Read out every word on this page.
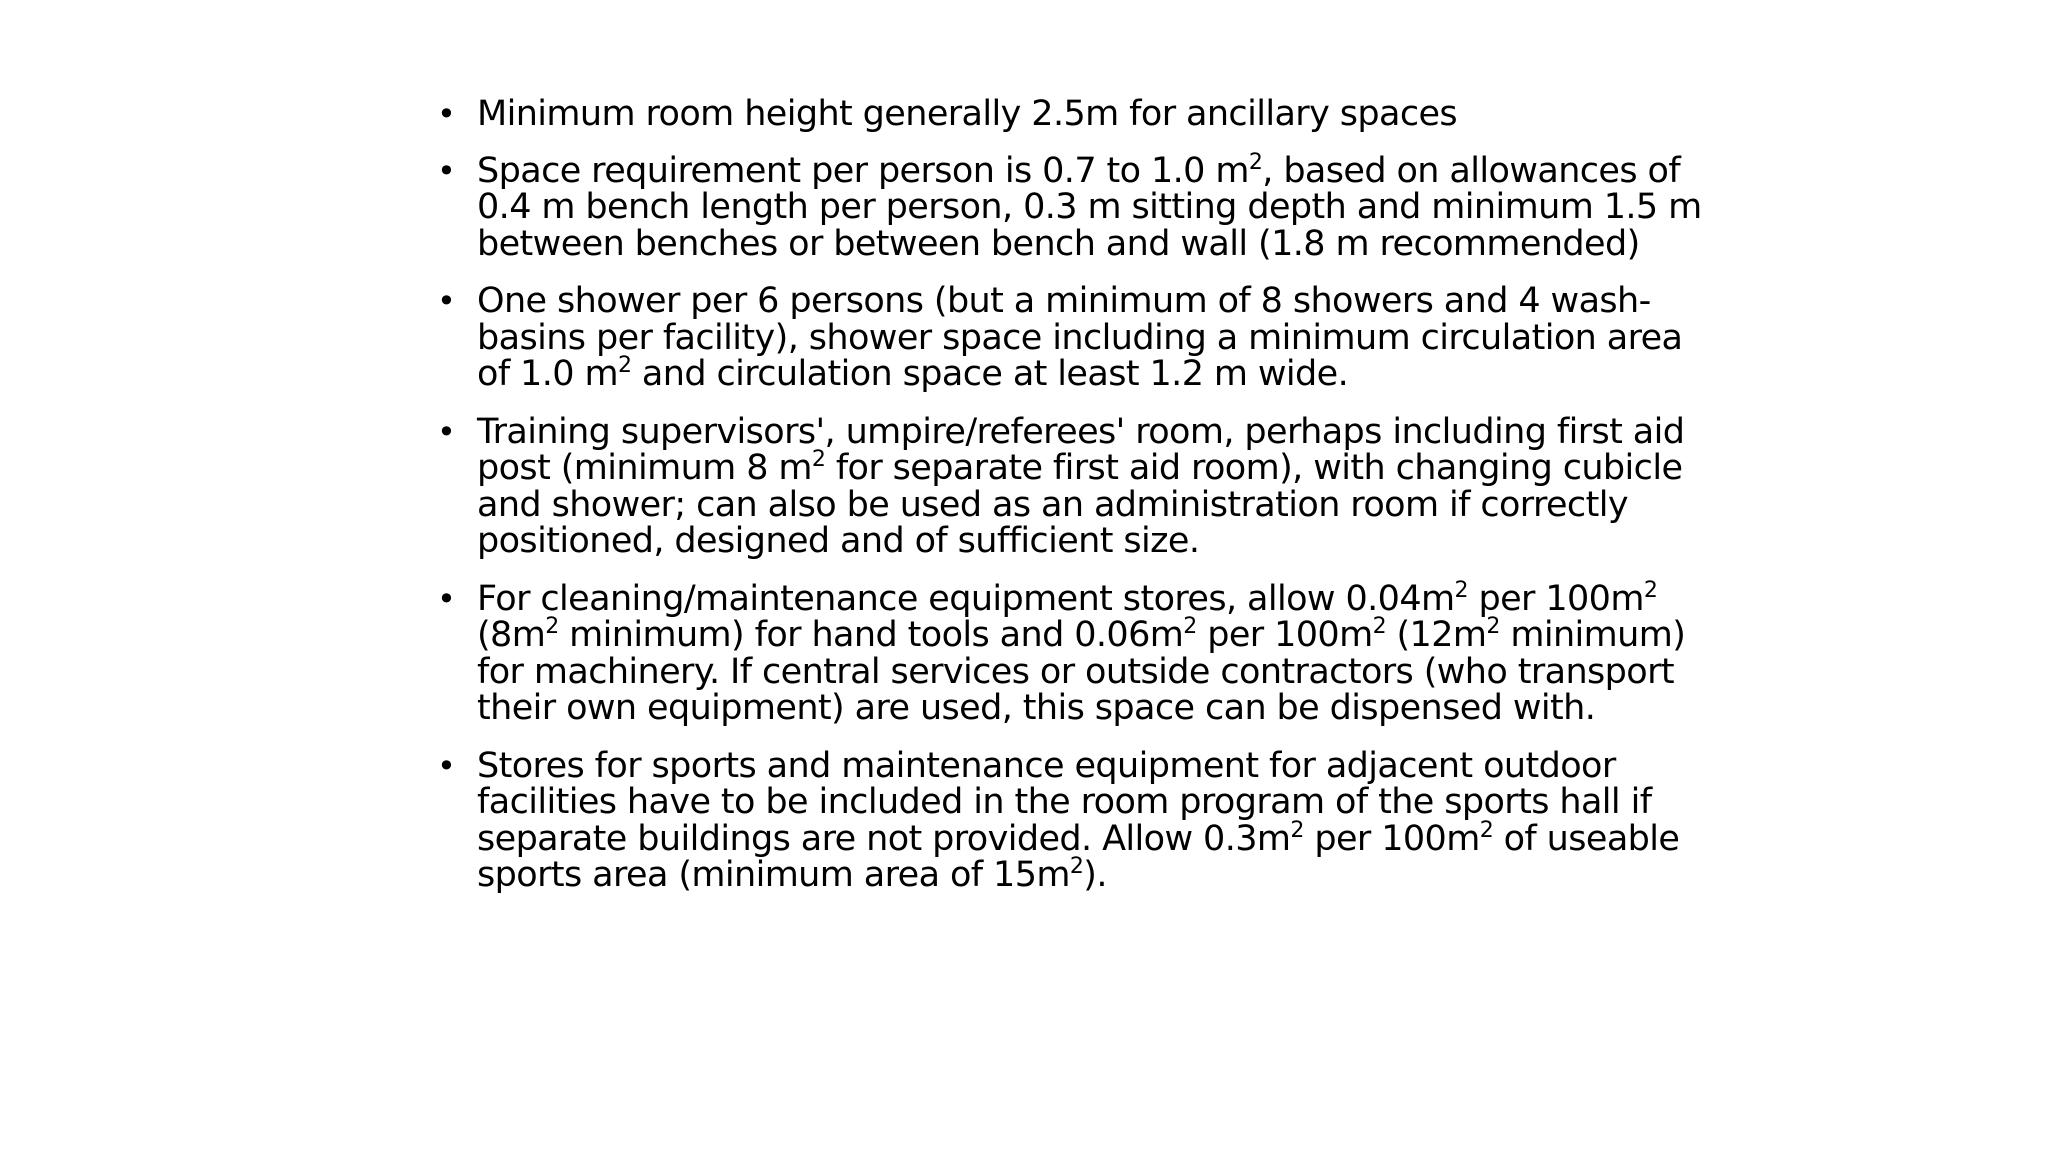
• Minimum room height generally 2.5m for ancillary spaces
• Space requirement per person is 0.7 to 1.0 $m^2$, based on allowances of
0.4 m bench length per person, 0.3 m sitting depth and minimum 1.5 m
between benches or between bench and wall (1.8 m recommended)
• One shower per 6 persons (but a minimum of 8 showers and 4 wash-
basins per facility), shower space including a minimum circulation area
of 1.0 $m^2$ and circulation space at least 1.2 m wide.
• Training supervisors', umpire/referees' room, perhaps including first aid
post (minimum 8 $m^2$ for separate first aid room), with changing cubicle
and shower; can also be used as an administration room if correctly
positioned, designed and of sufficient size.
• For cleaning/maintenance equipment stores, allow $0.04m^2$ per $100m^2$
($8m^2$ minimum) for hand tools and $0.06m^2$ per $100m^2$ ($12m^2$ minimum)
for machinery. If central services or outside contractors (who transport
their own equipment) are used, this space can be dispensed with.
• Stores for sports and maintenance equipment for adjacent outdoor
facilities have to be included in the room program of the sports hall if
separate buildings are not provided. Allow $0.3m^2$ per $100m^2$ of useable
sports area (minimum area of $15m^2$).
